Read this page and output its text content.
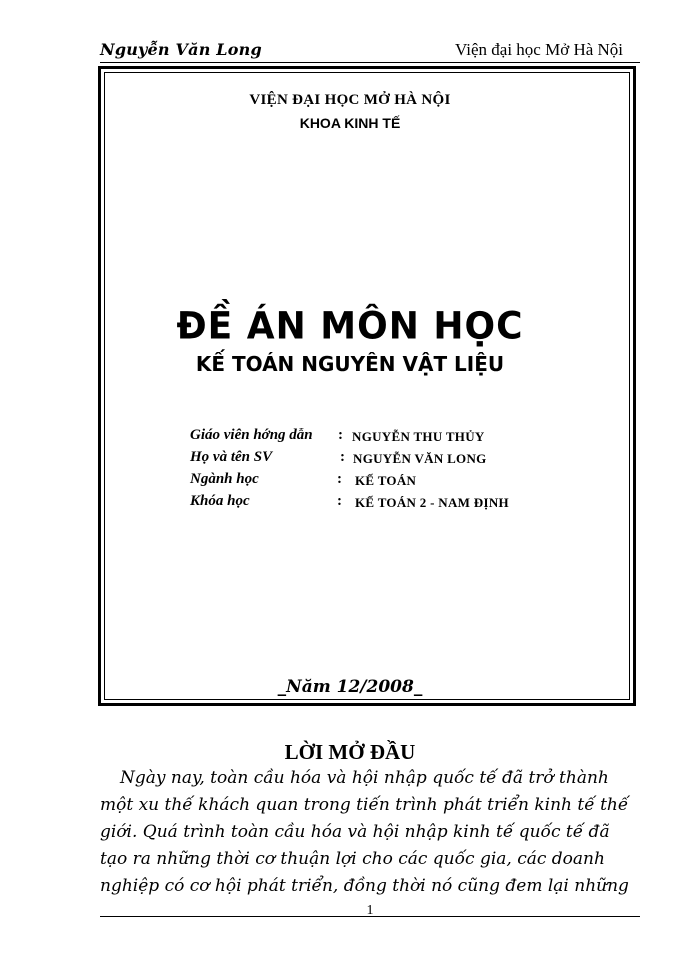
Nguyễn Văn Long	Viện đại học Mở Hà Nội
VIỆN ĐẠI HỌC MỞ HÀ NỘI
KHOA KINH TẾ
ĐỀ ÁN MÔN HỌC
KẾ TOÁN NGUYÊN VẬT LIỆU
Giáo viên hớng dẫn : NGUYỄN THU THỦY
Họ và tên SV	: NGUYỄN VĂN LONG
Ngành học	: KẾ TOÁN
Khóa học	: KẾ TOÁN 2 - NAM ĐỊNH
_Năm 12/2008_
LỜI MỞ ĐẦU
Ngày nay, toàn cầu hóa và hội nhập quốc tế đã trở thành
một xu thế khách quan trong tiến trình phát triển kinh tế thế
giới. Quá trình toàn cầu hóa và hội nhập kinh tế quốc tế đã
tạo ra những thời cơ thuận lợi cho các quốc gia, các doanh
nghiệp có cơ hội phát triển, đồng thời nó cũng đem lại những
1
